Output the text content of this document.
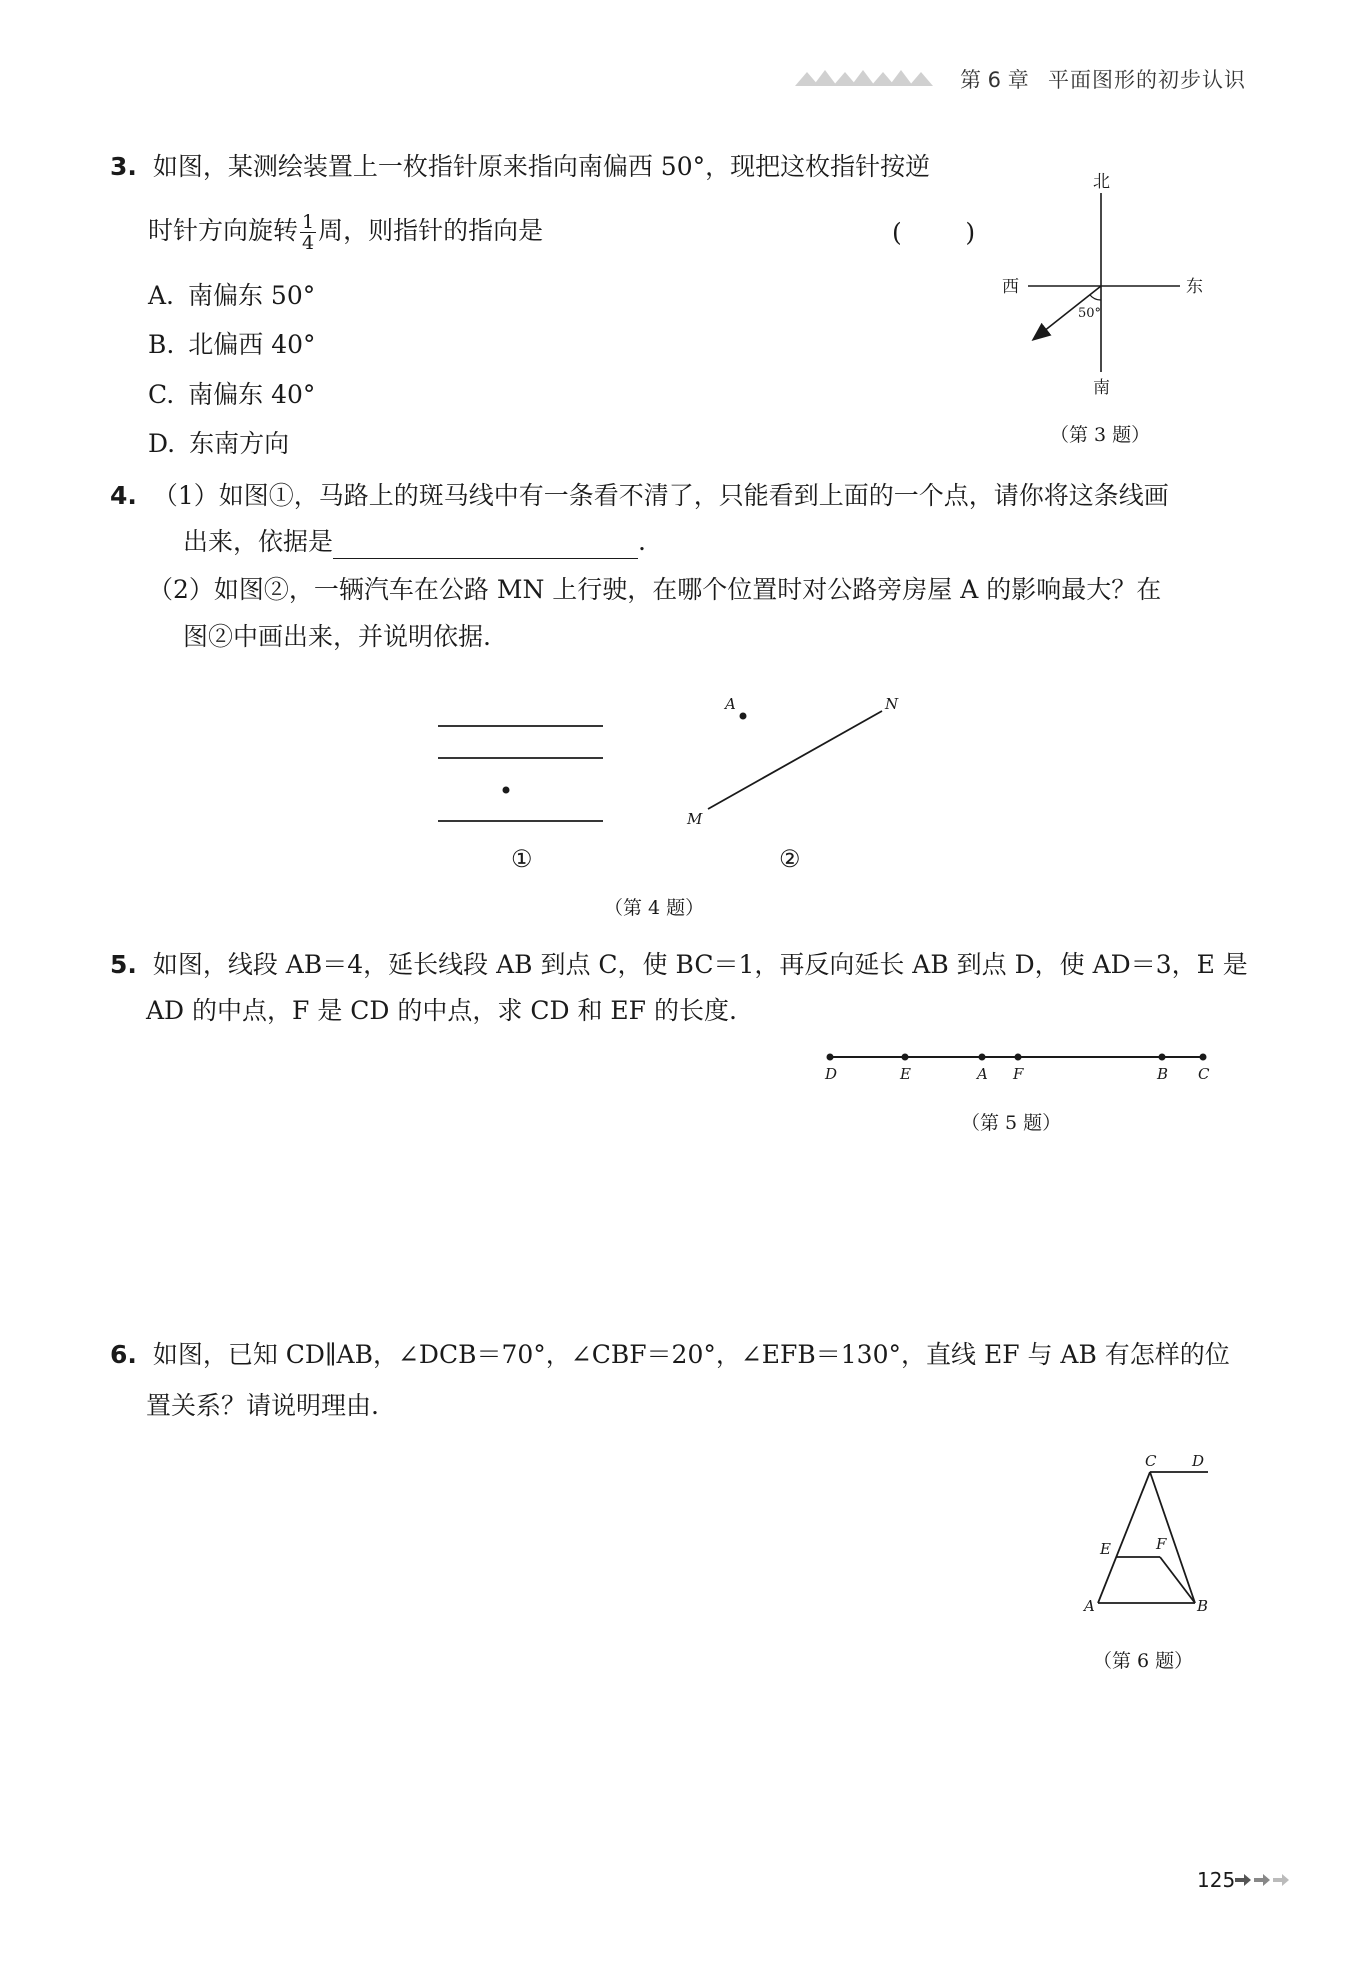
第 6 章 平面图形的初步认识
3. 如图，某测绘装置上一枚指针原来指向南偏西 50°，现把这枚指针按逆
时针方向旋转 $\frac{1}{4}$ 周，则指针的指向是	(        )
A. 南偏东 50°
B. 北偏西 40°
C. 南偏东 40°
D. 东南方向
北
南
西	东
50°
（第 3 题）
4. （1）如图①，马路上的斑马线中有一条看不清了，只能看到上面的一个点，请你将这条线画
出来，依据是	.
（2）如图②，一辆汽车在公路 MN 上行驶，在哪个位置时对公路旁房屋 A 的影响最大？在
图②中画出来，并说明依据.
A
M
N
①	②
（第 4 题）
5. 如图，线段 AB＝4，延长线段 AB 到点 C，使 BC＝1，再反向延长 AB 到点 D，使 AD＝3，E 是
AD 的中点，F 是 CD 的中点，求 CD 和 EF 的长度.
D	E	A F	B C
（第 5 题）
6. 如图，已知 CD∥AB，∠DCB＝70°，∠CBF＝20°，∠EFB＝130°，直线 EF 与 AB 有怎样的位
置关系？请说明理由.
C D
E	F
A	B
（第 6 题）
125
